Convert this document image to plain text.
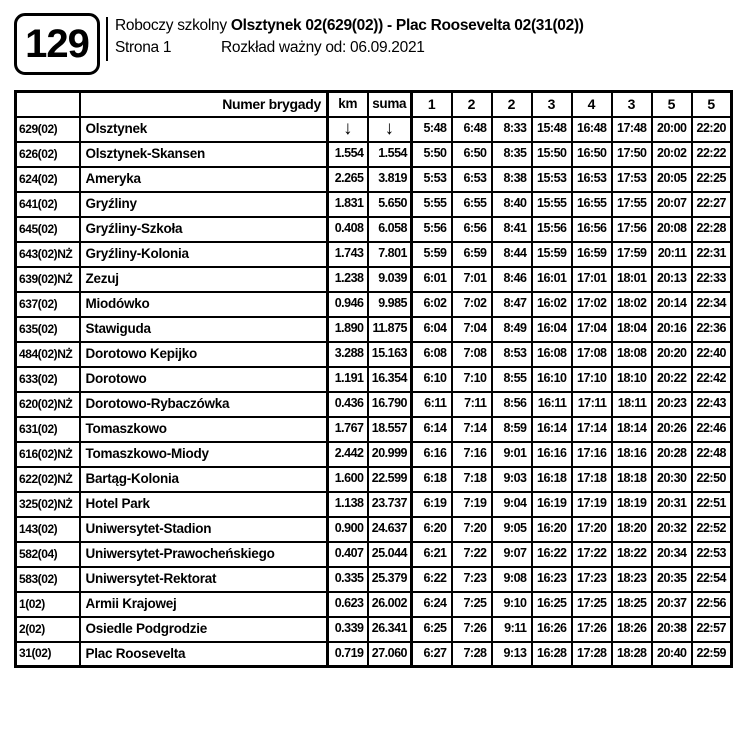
129 Roboczy szkolny Olsztynek 02(629(02)) - Plac Roosevelta 02(31(02))
Strona 1	Rozkład ważny od: 06.09.2021
	Numer brygady	km	suma	1	2	2	3	4	3	5	5
629(02)	Olsztynek	↓	↓	5:48	6:48	8:33	15:48	16:48	17:48	20:00	22:20
626(02)	Olsztynek-Skansen	1.554	1.554	5:50	6:50	8:35	15:50	16:50	17:50	20:02	22:22
624(02)	Ameryka	2.265	3.819	5:53	6:53	8:38	15:53	16:53	17:53	20:05	22:25
641(02)	Gryźliny	1.831	5.650	5:55	6:55	8:40	15:55	16:55	17:55	20:07	22:27
645(02)	Gryźliny-Szkoła	0.408	6.058	5:56	6:56	8:41	15:56	16:56	17:56	20:08	22:28
643(02)NŻ	Gryźliny-Kolonia	1.743	7.801	5:59	6:59	8:44	15:59	16:59	17:59	20:11	22:31
639(02)NŻ	Zezuj	1.238	9.039	6:01	7:01	8:46	16:01	17:01	18:01	20:13	22:33
637(02)	Miodówko	0.946	9.985	6:02	7:02	8:47	16:02	17:02	18:02	20:14	22:34
635(02)	Stawiguda	1.890	11.875	6:04	7:04	8:49	16:04	17:04	18:04	20:16	22:36
484(02)NŻ	Dorotowo Kepijko	3.288	15.163	6:08	7:08	8:53	16:08	17:08	18:08	20:20	22:40
633(02)	Dorotowo	1.191	16.354	6:10	7:10	8:55	16:10	17:10	18:10	20:22	22:42
620(02)NŻ	Dorotowo-Rybaczówka	0.436	16.790	6:11	7:11	8:56	16:11	17:11	18:11	20:23	22:43
631(02)	Tomaszkowo	1.767	18.557	6:14	7:14	8:59	16:14	17:14	18:14	20:26	22:46
616(02)NŻ	Tomaszkowo-Miody	2.442	20.999	6:16	7:16	9:01	16:16	17:16	18:16	20:28	22:48
622(02)NŻ	Bartąg-Kolonia	1.600	22.599	6:18	7:18	9:03	16:18	17:18	18:18	20:30	22:50
325(02)NŻ	Hotel Park	1.138	23.737	6:19	7:19	9:04	16:19	17:19	18:19	20:31	22:51
143(02)	Uniwersytet-Stadion	0.900	24.637	6:20	7:20	9:05	16:20	17:20	18:20	20:32	22:52
582(04)	Uniwersytet-Prawocheńskiego	0.407	25.044	6:21	7:22	9:07	16:22	17:22	18:22	20:34	22:53
583(02)	Uniwersytet-Rektorat	0.335	25.379	6:22	7:23	9:08	16:23	17:23	18:23	20:35	22:54
1(02)	Armii Krajowej	0.623	26.002	6:24	7:25	9:10	16:25	17:25	18:25	20:37	22:56
2(02)	Osiedle Podgrodzie	0.339	26.341	6:25	7:26	9:11	16:26	17:26	18:26	20:38	22:57
31(02)	Plac Roosevelta	0.719	27.060	6:27	7:28	9:13	16:28	17:28	18:28	20:40	22:59
